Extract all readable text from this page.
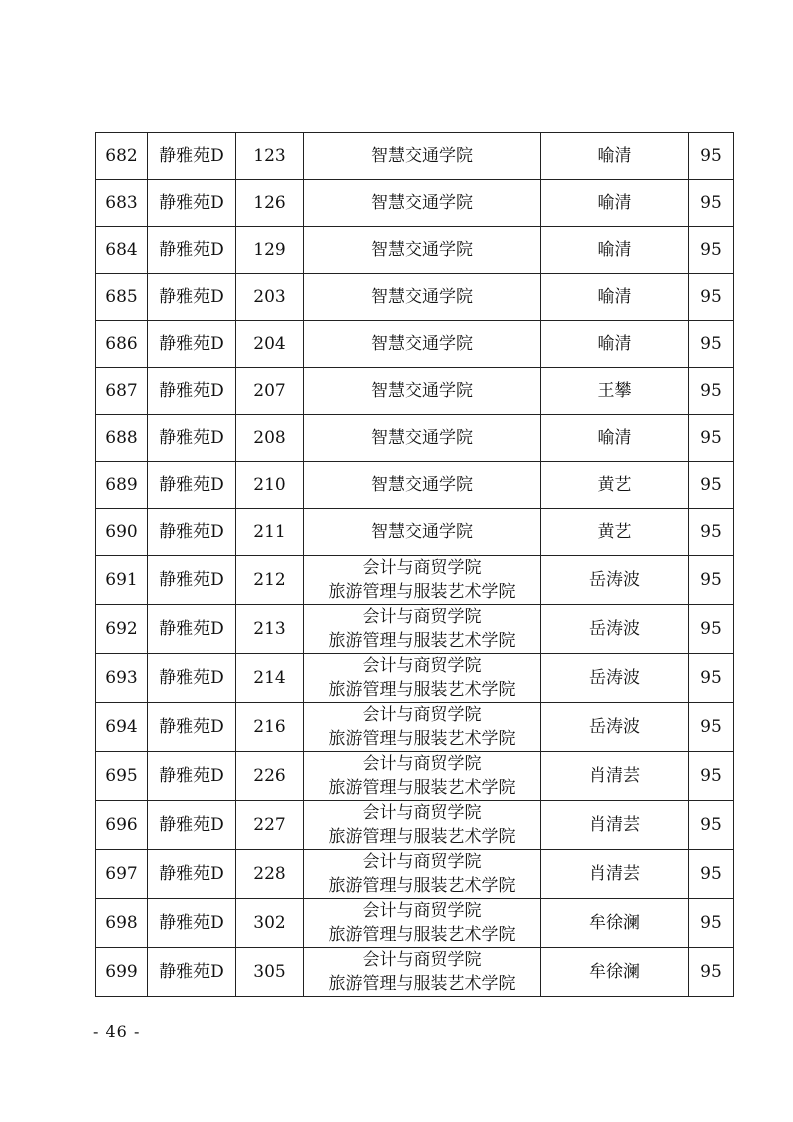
682	静雅苑D	123	智慧交通学院	喻清	95
683	静雅苑D	126	智慧交通学院	喻清	95
684	静雅苑D	129	智慧交通学院	喻清	95
685	静雅苑D	203	智慧交通学院	喻清	95
686	静雅苑D	204	智慧交通学院	喻清	95
687	静雅苑D	207	智慧交通学院	王攀	95
688	静雅苑D	208	智慧交通学院	喻清	95
689	静雅苑D	210	智慧交通学院	黄艺	95
690	静雅苑D	211	智慧交通学院	黄艺	95
691	静雅苑D	212	会计与商贸学院
旅游管理与服装艺术学院	岳涛波	95
692	静雅苑D	213	会计与商贸学院
旅游管理与服装艺术学院	岳涛波	95
693	静雅苑D	214	会计与商贸学院
旅游管理与服装艺术学院	岳涛波	95
694	静雅苑D	216	会计与商贸学院
旅游管理与服装艺术学院	岳涛波	95
695	静雅苑D	226	会计与商贸学院
旅游管理与服装艺术学院	肖清芸	95
696	静雅苑D	227	会计与商贸学院
旅游管理与服装艺术学院	肖清芸	95
697	静雅苑D	228	会计与商贸学院
旅游管理与服装艺术学院	肖清芸	95
698	静雅苑D	302	会计与商贸学院
旅游管理与服装艺术学院	牟徐澜	95
699	静雅苑D	305	会计与商贸学院
旅游管理与服装艺术学院	牟徐澜	95
- 46 -
